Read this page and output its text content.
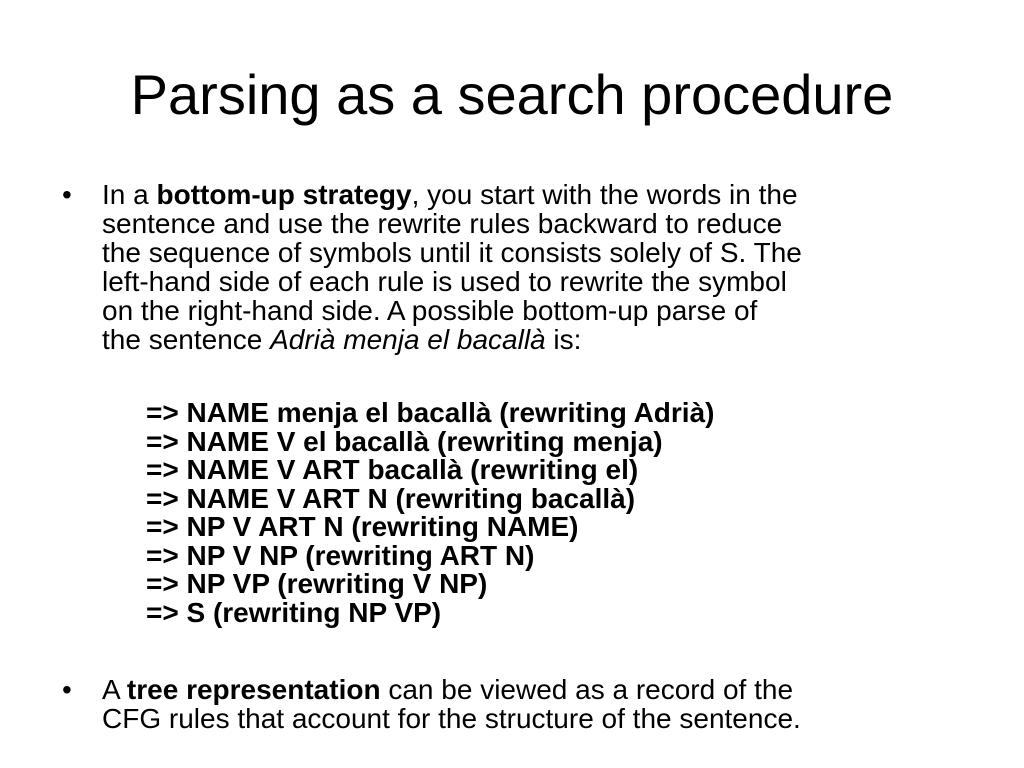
Parsing as a search procedure
• In a bottom-up strategy, you start with the words in the
sentence and use the rewrite rules backward to reduce
the sequence of symbols until it consists solely of S. The
left-hand side of each rule is used to rewrite the symbol
on the right-hand side. A possible bottom-up parse of
the sentence Adrià menja el bacallà is:
=> NAME menja el bacallà (rewriting Adrià)
=> NAME V el bacallà (rewriting menja)
=> NAME V ART bacallà (rewriting el)
=> NAME V ART N (rewriting bacallà)
=> NP V ART N (rewriting NAME)
=> NP V NP (rewriting ART N)
=> NP VP (rewriting V NP)
=> S (rewriting NP VP)
• A tree representation can be viewed as a record of the
CFG rules that account for the structure of the sentence.
